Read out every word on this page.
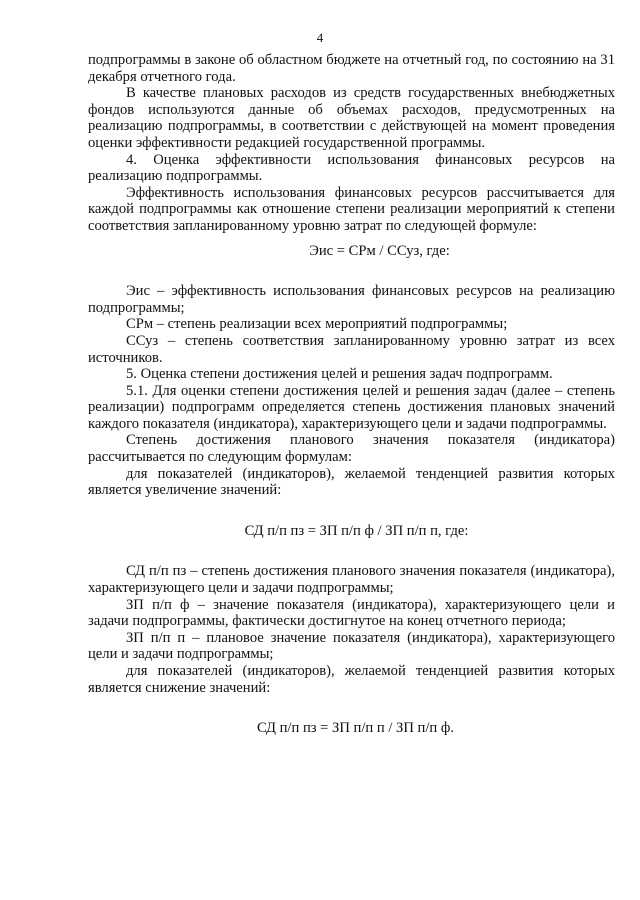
4

подпрограммы в законе об областном бюджете на отчетный год, по состоянию на 31 декабря отчетного года.

В качестве плановых расходов из средств государственных внебюджетных фондов используются данные об объемах расходов, предусмотренных на реализацию подпрограммы, в соответствии с действующей на момент проведения оценки эффективности редакцией государственной программы.

4. Оценка эффективности использования финансовых ресурсов на реализацию подпрограммы.

Эффективность использования финансовых ресурсов рассчитывается для каждой подпрограммы как отношение степени реализации мероприятий к степени соответствия запланированному уровню затрат по следующей формуле:

Эис = СРм / ССуз, где:

Эис – эффективность использования финансовых ресурсов на реализацию подпрограммы;

СРм – степень реализации всех мероприятий подпрограммы;

ССуз – степень соответствия запланированному уровню затрат из всех источников.

5. Оценка степени достижения целей и решения задач подпрограмм.

5.1. Для оценки степени достижения целей и решения задач (далее – степень реализации) подпрограмм определяется степень достижения плановых значений каждого показателя (индикатора), характеризующего цели и задачи подпрограммы.

Степень достижения планового значения показателя (индикатора) рассчитывается по следующим формулам:

для показателей (индикаторов), желаемой тенденцией развития которых является увеличение значений:

СД п/п пз = ЗП п/п ф / ЗП п/п п, где:

СД п/п пз – степень достижения планового значения показателя (индикатора), характеризующего цели и задачи подпрограммы;

ЗП п/п ф – значение показателя (индикатора), характеризующего цели и задачи подпрограммы, фактически достигнутое на конец отчетного периода;

ЗП п/п п – плановое значение показателя (индикатора), характеризующего цели и задачи подпрограммы;

для показателей (индикаторов), желаемой тенденцией развития которых является снижение значений:

СД п/п пз = ЗП п/п п / ЗП п/п ф.
